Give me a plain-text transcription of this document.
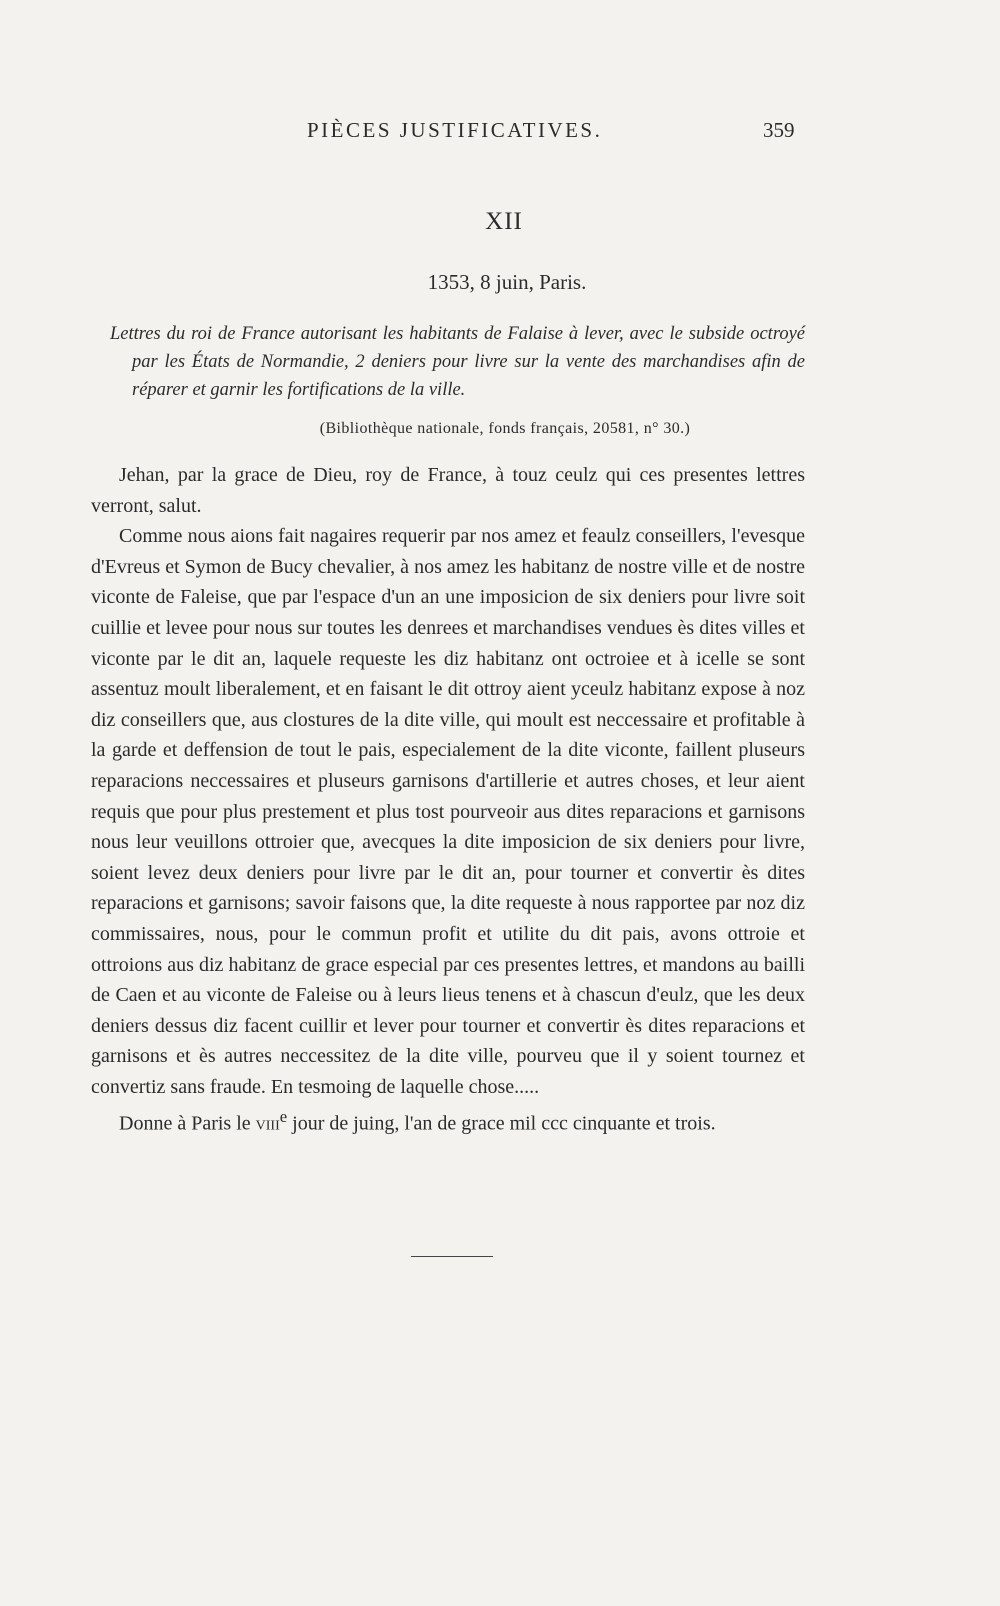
PIÈCES JUSTIFICATIVES.	359
XII
1353, 8 juin, Paris.
Lettres du roi de France autorisant les habitants de Falaise à lever, avec le subside octroyé par les États de Normandie, 2 deniers pour livre sur la vente des marchandises afin de réparer et garnir les fortifications de la ville.
(Bibliothèque nationale, fonds français, 20581, n° 30.)

Jehan, par la grace de Dieu, roy de France, à touz ceulz qui ces presentes lettres verront, salut.

Comme nous aions fait nagaires requerir par nos amez et feaulz conseillers, l'evesque d'Evreus et Symon de Bucy chevalier, à nos amez les habitanz de nostre ville et de nostre viconte de Faleise, que par l'espace d'un an une imposicion de six deniers pour livre soit cuillie et levee pour nous sur toutes les denrees et marchandises vendues ès dites villes et viconte par le dit an, laquele requeste les diz habitanz ont octroiee et à icelle se sont assentuz moult liberalement, et en faisant le dit ottroy aient yceulz habitanz expose à noz diz conseillers que, aus clostures de la dite ville, qui moult est neccessaire et profitable à la garde et deffension de tout le pais, especialement de la dite viconte, faillent pluseurs reparacions neccessaires et pluseurs garnisons d'artillerie et autres choses, et leur aient requis que pour plus prestement et plus tost pourveoir aus dites reparacions et garnisons nous leur veuillons ottroier que, avecques la dite imposicion de six deniers pour livre, soient levez deux deniers pour livre par le dit an, pour tourner et convertir ès dites reparacions et garnisons; savoir faisons que, la dite requeste à nous rapportee par noz diz commissaires, nous, pour le commun profit et utilite du dit pais, avons ottroie et ottroions aus diz habitanz de grace especial par ces presentes lettres, et mandons au bailli de Caen et au viconte de Faleise ou à leurs lieus tenens et à chascun d'eulz, que les deux deniers dessus diz facent cuillir et lever pour tourner et convertir ès dites reparacions et garnisons et ès autres neccessitez de la dite ville, pourveu que il y soient tournez et convertiz sans fraude. En tesmoing de laquelle chose.....

Donne à Paris le viii$^e$ jour de juing, l'an de grace mil ccc cinquante et trois.
